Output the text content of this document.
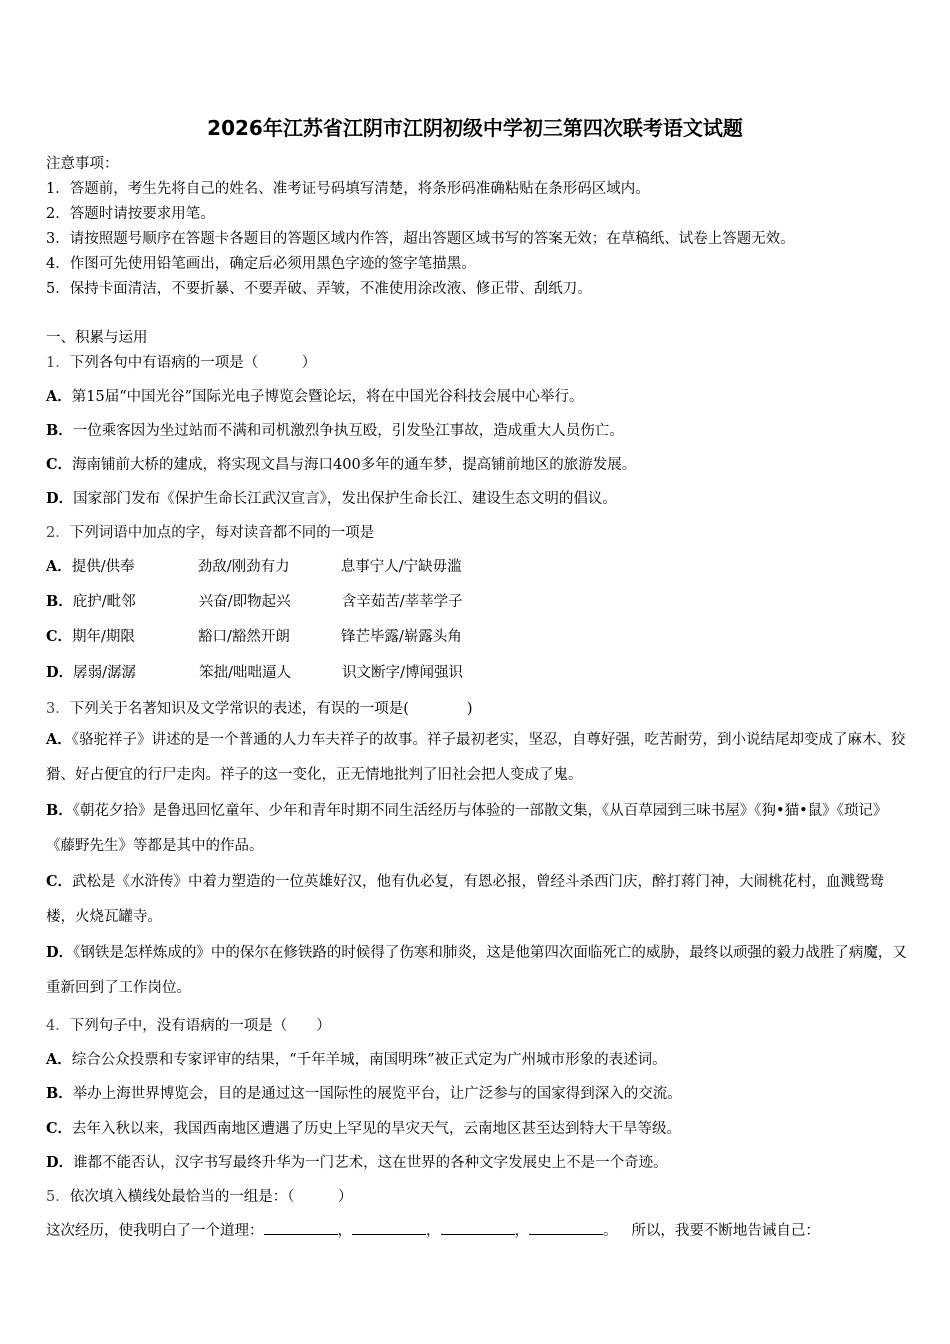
2026年江苏省江阴市江阴初级中学初三第四次联考语文试题
注意事项：
1．答题前，考生先将自己的姓名、准考证号码填写清楚，将条形码准确粘贴在条形码区域内。
2．答题时请按要求用笔。
3．请按照题号顺序在答题卡各题目的答题区域内作答，超出答题区域书写的答案无效；在草稿纸、试卷上答题无效。
4．作图可先使用铅笔画出，确定后必须用黑色字迹的签字笔描黑。
5．保持卡面清洁，不要折暴、不要弄破、弄皱，不准使用涂改液、修正带、刮纸刀。
一、积累与运用
1．下列各句中有语病的一项是（　　　）
A．第15届“中国光谷”国际光电子博览会暨论坛，将在中国光谷科技会展中心举行。
B．一位乘客因为坐过站而不满和司机激烈争执互殴，引发坠江事故，造成重大人员伤亡。
C．海南铺前大桥的建成，将实现文昌与海口400多年的通车梦，提高铺前地区的旅游发展。
D．国家部门发布《保护生命长江武汉宣言》，发出保护生命长江、建设生态文明的倡议。
2．下列词语中加点的字，每对读音都不同的一项是
A．提供/供奉	劲敌/刚劲有力	息事宁人/宁缺毋滥
B．庇护/毗邻	兴奋/即物起兴	含辛茹苦/莘莘学子
C．期年/期限	豁口/豁然开朗	锋芒毕露/崭露头角
D．孱弱/潺潺	笨拙/咄咄逼人	识文断字/博闻强识
3．下列关于名著知识及文学常识的表述，有误的一项是(　　　　)
A．《骆驼祥子》讲述的是一个普通的人力车夫祥子的故事。祥子最初老实，坚忍，自尊好强，吃苦耐劳，到小说结尾却变成了麻木、狡猾、好占便宜的行尸走肉。祥子的这一变化，正无情地批判了旧社会把人变成了鬼。
B．《朝花夕拾》是鲁迅回忆童年、少年和青年时期不同生活经历与体验的一部散文集，《从百草园到三味书屋》《狗•猫•鼠》《琐记》《藤野先生》等都是其中的作品。
C．武松是《水浒传》中着力塑造的一位英雄好汉，他有仇必复，有恩必报，曾经斗杀西门庆，醉打蒋门神，大闹桃花村，血溅鸳鸯楼，火烧瓦罐寺。
D．《钢铁是怎样炼成的》中的保尔在修铁路的时候得了伤寒和肺炎，这是他第四次面临死亡的威胁，最终以顽强的毅力战胜了病魔，又重新回到了工作岗位。
4．下列句子中，没有语病的一项是（　　）
A．综合公众投票和专家评审的结果，“千年羊城，南国明珠”被正式定为广州城市形象的表述词。
B．举办上海世界博览会，目的是通过这一国际性的展览平台，让广泛参与的国家得到深入的交流。
C．去年入秋以来，我国西南地区遭遇了历史上罕见的旱灾天气，云南地区甚至达到特大干旱等级。
D．谁都不能否认，汉字书写最终升华为一门艺术，这在世界的各种文字发展史上不是一个奇迹。
5．依次填入横线处最恰当的一组是：（　　　）
这次经历，使我明白了一个道理：	，	，	，	。 所以，我要不断地告诫自己：
